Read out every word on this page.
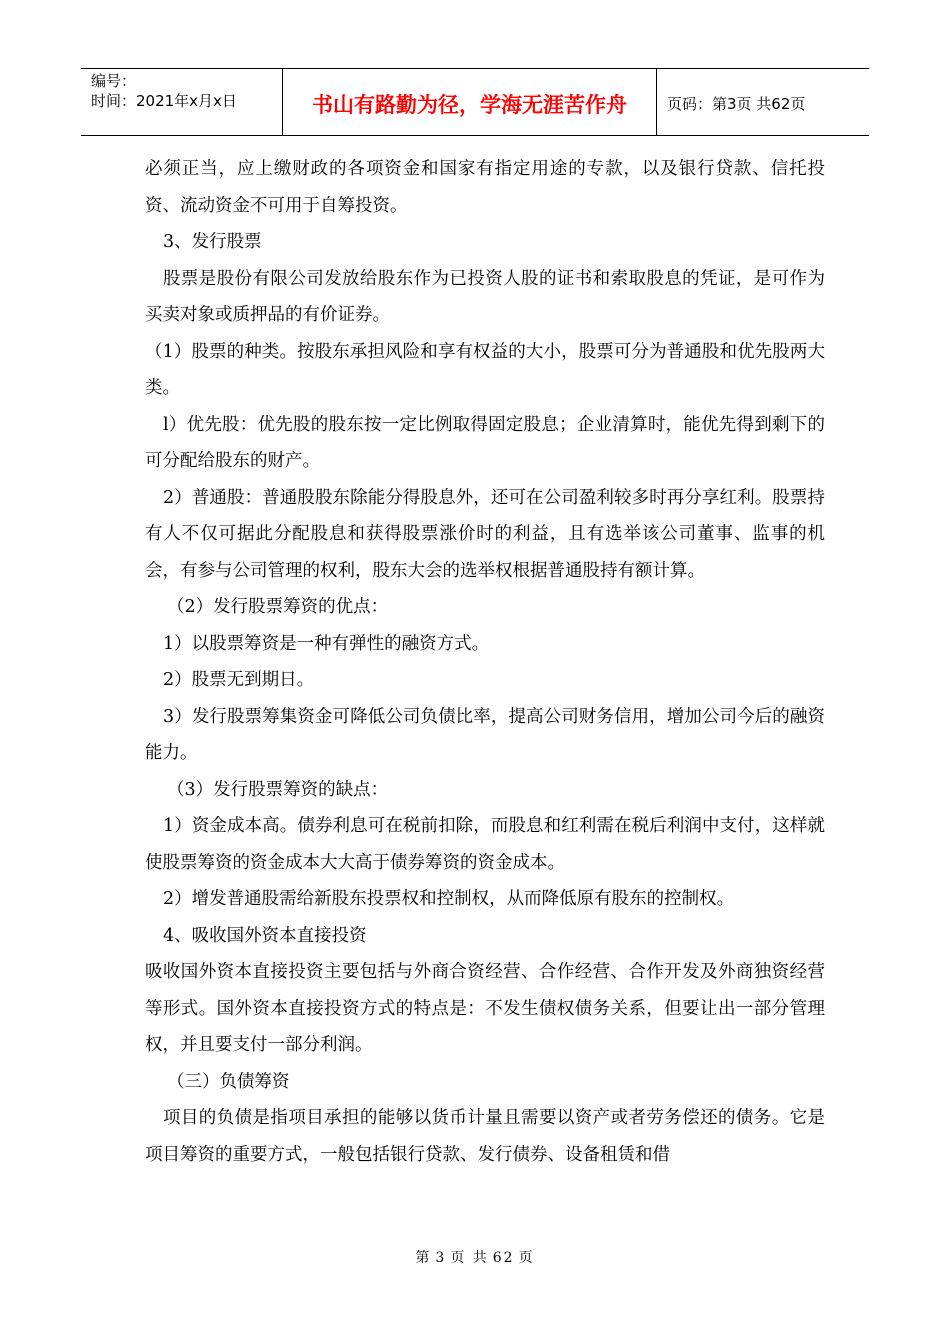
编号：
时间：2021年x月x日	书山有路勤为径，学海无涯苦作舟	页码：第3页 共62页

必须正当，应上缴财政的各项资金和国家有指定用途的专款，以及银行贷款、信托投资、流动资金不可用于自筹投资。

3、发行股票

股票是股份有限公司发放给股东作为已投资人股的证书和索取股息的凭证，是可作为买卖对象或质押品的有价证券。

（1）股票的种类。按股东承担风险和享有权益的大小，股票可分为普通股和优先股两大类。

l）优先股：优先股的股东按一定比例取得固定股息；企业清算时，能优先得到剩下的可分配给股东的财产。

2）普通股：普通股股东除能分得股息外，还可在公司盈利较多时再分享红利。股票持有人不仅可据此分配股息和获得股票涨价时的利益，且有选举该公司董事、监事的机会，有参与公司管理的权利，股东大会的选举权根据普通股持有额计算。

（2）发行股票筹资的优点：

1）以股票筹资是一种有弹性的融资方式。

2）股票无到期日。

3）发行股票筹集资金可降低公司负债比率，提高公司财务信用，增加公司今后的融资能力。

（3）发行股票筹资的缺点：

1）资金成本高。债券利息可在税前扣除，而股息和红利需在税后利润中支付，这样就使股票筹资的资金成本大大高于债券筹资的资金成本。

2）增发普通股需给新股东投票权和控制权，从而降低原有股东的控制权。

4、吸收国外资本直接投资

吸收国外资本直接投资主要包括与外商合资经营、合作经营、合作开发及外商独资经营等形式。国外资本直接投资方式的特点是：不发生债权债务关系，但要让出一部分管理权，并且要支付一部分利润。

（三）负债筹资

项目的负债是指项目承担的能够以货币计量且需要以资产或者劳务偿还的债务。它是项目筹资的重要方式，一般包括银行贷款、发行债券、设备租赁和借

第 3 页 共 62 页
